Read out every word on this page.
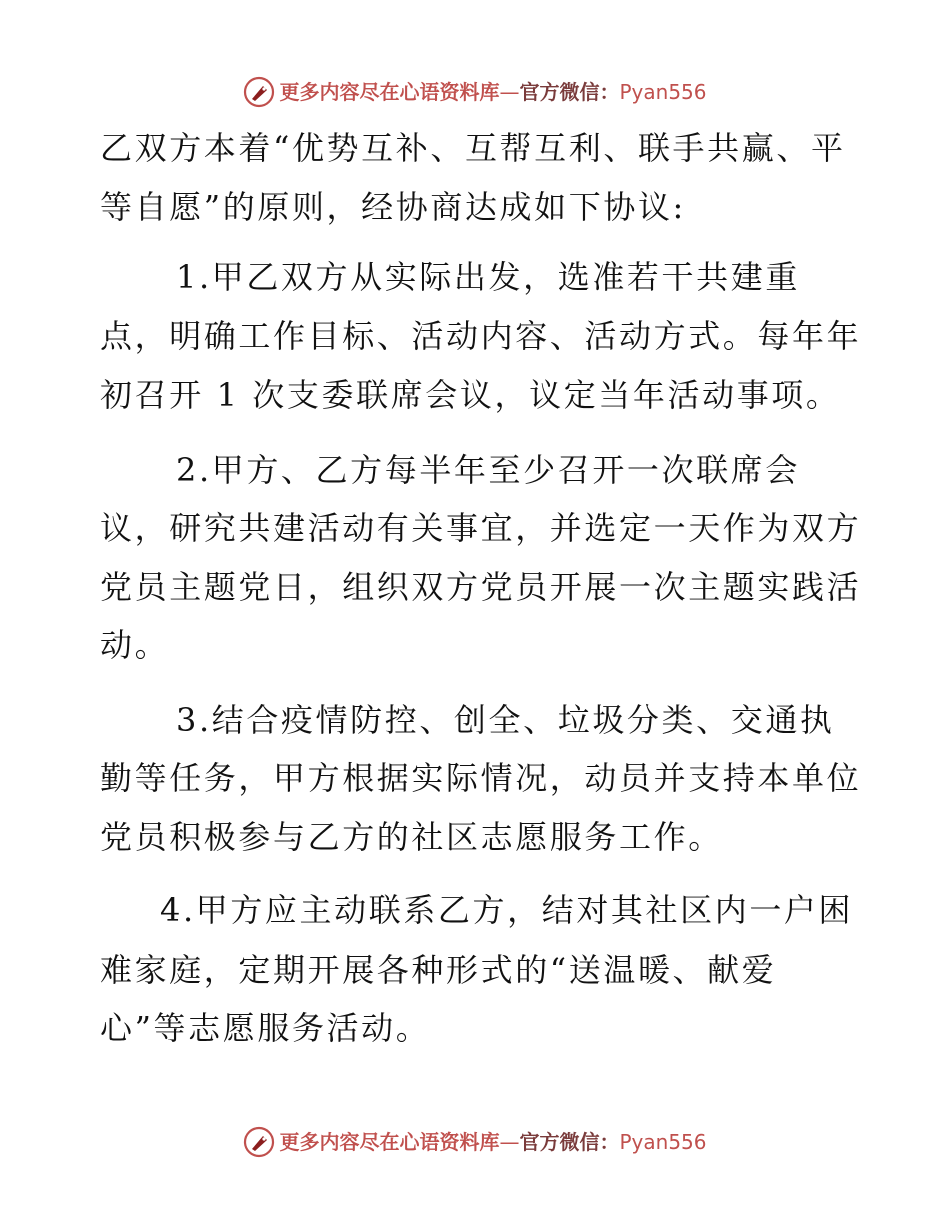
更多内容尽在心语资料库 — 官方微信： Pyan556
乙双方本着“优势互补、互帮互利、联手共赢、平
等自愿”的原则，经协商达成如下协议:
1.甲乙双方从实际出发，选准若干共建重
点，明确工作目标、活动内容、活动方式。每年年
初召开 1 次支委联席会议，议定当年活动事项。
2.甲方、乙方每半年至少召开一次联席会
议，研究共建活动有关事宜，并选定一天作为双方
党员主题党日，组织双方党员开展一次主题实践活
动。
3.结合疫情防控、创全、垃圾分类、交通执
勤等任务，甲方根据实际情况，动员并支持本单位
党员积极参与乙方的社区志愿服务工作。
4.甲方应主动联系乙方，结对其社区内一户困
难家庭，定期开展各种形式的“送温暖、献爱
心”等志愿服务活动。
更多内容尽在心语资料库 — 官方微信： Pyan556
